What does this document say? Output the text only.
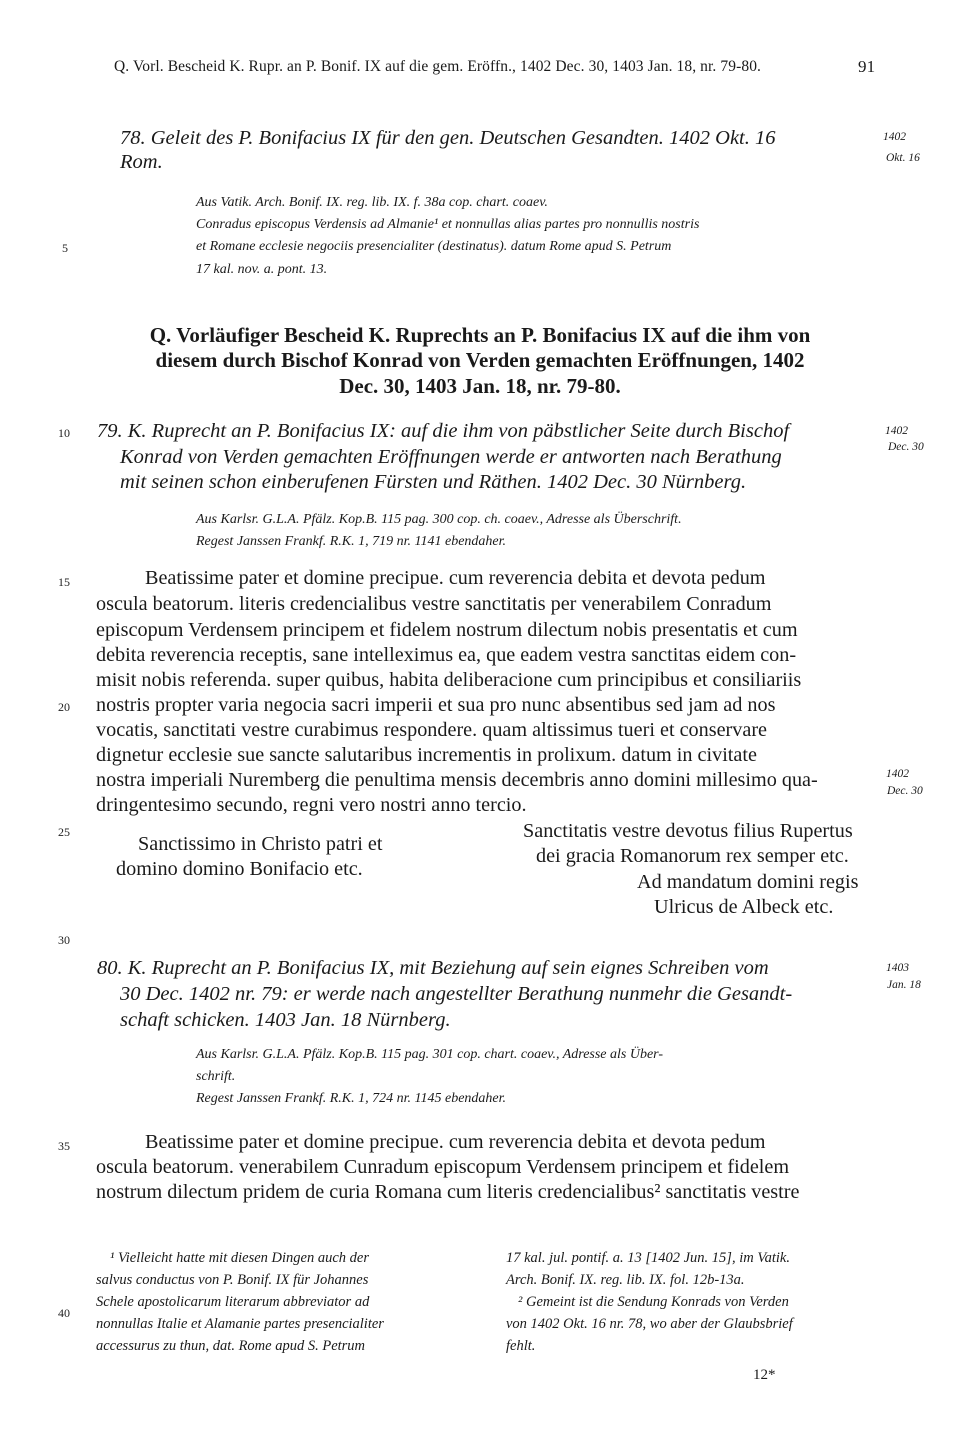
Q. Vorl. Bescheid K. Rupr. an P. Bonif. IX auf die gem. Eröffn., 1402 Dec. 30, 1403 Jan. 18, nr. 79-80.	91
5
10
15
20
25
30
35
40
78. Geleit des P. Bonifacius IX für den gen. Deutschen Gesandten. 1402 Okt. 16
Rom.
1402
Okt. 16
Aus Vatik. Arch. Bonif. IX. reg. lib. IX. f. 38a cop. chart. coaev.
Conradus episcopus Verdensis ad Almanie¹ et nonnullas alias partes pro nonnullis nostris
et Romane ecclesie negociis presencialiter (destinatus). datum Rome apud S. Petrum
17 kal. nov. a. pont. 13.
Q. Vorläufiger Bescheid K. Ruprechts an P. Bonifacius IX auf die ihm von
diesem durch Bischof Konrad von Verden gemachten Eröffnungen, 1402
Dec. 30, 1403 Jan. 18, nr. 79-80.
79. K. Ruprecht an P. Bonifacius IX: auf die ihm von päbstlicher Seite durch Bischof
Konrad von Verden gemachten Eröffnungen werde er antworten nach Berathung
mit seinen schon einberufenen Fürsten und Räthen. 1402 Dec. 30 Nürnberg.
1402
Dec. 30
Aus Karlsr. G.L.A. Pfälz. Kop.B. 115 pag. 300 cop. ch. coaev., Adresse als Überschrift.
Regest Janssen Frankf. R.K. 1, 719 nr. 1141 ebendaher.
Beatissime pater et domine precipue. cum reverencia debita et devota pedum
oscula beatorum. literis credencialibus vestre sanctitatis per venerabilem Conradum
episcopum Verdensem principem et fidelem nostrum dilectum nobis presentatis et cum
debita reverencia receptis, sane intelleximus ea, que eadem vestra sanctitas eidem con-
misit nobis referenda. super quibus, habita deliberacione cum principibus et consiliariis
nostris propter varia negocia sacri imperii et sua pro nunc absentibus sed jam ad nos
vocatis, sanctitati vestre curabimus respondere. quam altissimus tueri et conservare
dignetur ecclesie sue sancte salutaribus incrementis in prolixum. datum in civitate
nostra imperiali Nuremberg die penultima mensis decembris anno domini millesimo qua-
dringentesimo secundo, regni vero nostri anno tercio.
1402
Dec. 30
Sanctissimo in Christo patri et
domino domino Bonifacio etc.
Sanctitatis vestre devotus filius Rupertus
dei gracia Romanorum rex semper etc.
Ad mandatum domini regis
Ulricus de Albeck etc.
80. K. Ruprecht an P. Bonifacius IX, mit Beziehung auf sein eignes Schreiben vom
30 Dec. 1402 nr. 79: er werde nach angestellter Berathung nunmehr die Gesandt-
schaft schicken. 1403 Jan. 18 Nürnberg.
1403
Jan. 18
Aus Karlsr. G.L.A. Pfälz. Kop.B. 115 pag. 301 cop. chart. coaev., Adresse als Über-
schrift.
Regest Janssen Frankf. R.K. 1, 724 nr. 1145 ebendaher.
Beatissime pater et domine precipue. cum reverencia debita et devota pedum
oscula beatorum. venerabilem Cunradum episcopum Verdensem principem et fidelem
nostrum dilectum pridem de curia Romana cum literis credencialibus² sanctitatis vestre
¹ Vielleicht hatte mit diesen Dingen auch der
salvus conductus von P. Bonif. IX für Johannes
Schele apostolicarum literarum abbreviator ad
nonnullas Italie et Alamanie partes presencialiter
accessurus zu thun, dat. Rome apud S. Petrum
17 kal. jul. pontif. a. 13 [1402 Jun. 15], im Vatik.
Arch. Bonif. IX. reg. lib. IX. fol. 12b-13a.
² Gemeint ist die Sendung Konrads von Verden
von 1402 Okt. 16 nr. 78, wo aber der Glaubsbrief
fehlt.
12*
